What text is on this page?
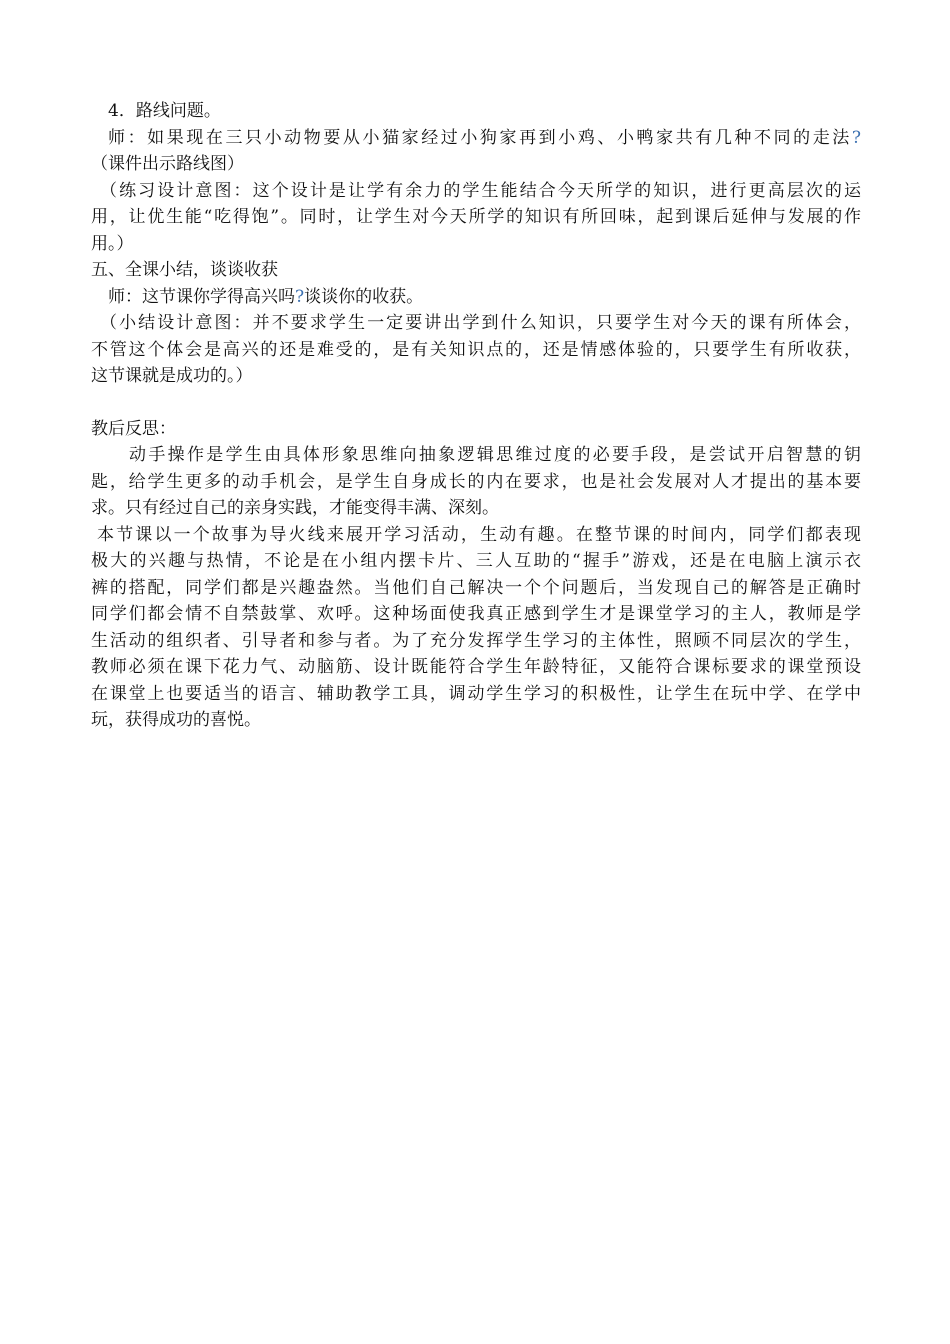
4．路线问题。
师：如果现在三只小动物要从小猫家经过小狗家再到小鸡、小鸭家共有几种不同的走法?
（课件出示路线图）
（练习设计意图：这个设计是让学有余力的学生能结合今天所学的知识，进行更高层次的运
用，让优生能“吃得饱”。同时，让学生对今天所学的知识有所回味，起到课后延伸与发展的作
用。）
五、全课小结，谈谈收获
师：这节课你学得高兴吗?谈谈你的收获。
（小结设计意图：并不要求学生一定要讲出学到什么知识，只要学生对今天的课有所体会，
不管这个体会是高兴的还是难受的，是有关知识点的，还是情感体验的，只要学生有所收获，
这节课就是成功的。）
教后反思：
动手操作是学生由具体形象思维向抽象逻辑思维过度的必要手段，是尝试开启智慧的钥
匙，给学生更多的动手机会，是学生自身成长的内在要求，也是社会发展对人才提出的基本要
求。只有经过自己的亲身实践，才能变得丰满、深刻。
本节课以一个故事为导火线来展开学习活动，生动有趣。在整节课的时间内，同学们都表现
极大的兴趣与热情，不论是在小组内摆卡片、三人互助的“握手”游戏，还是在电脑上演示衣
裤的搭配，同学们都是兴趣盎然。当他们自己解决一个个问题后，当发现自己的解答是正确时
同学们都会情不自禁鼓掌、欢呼。这种场面使我真正感到学生才是课堂学习的主人，教师是学
生活动的组织者、引导者和参与者。为了充分发挥学生学习的主体性，照顾不同层次的学生，
教师必须在课下花力气、动脑筋、设计既能符合学生年龄特征，又能符合课标要求的课堂预设
在课堂上也要适当的语言、辅助教学工具，调动学生学习的积极性，让学生在玩中学、在学中
玩，获得成功的喜悦。
